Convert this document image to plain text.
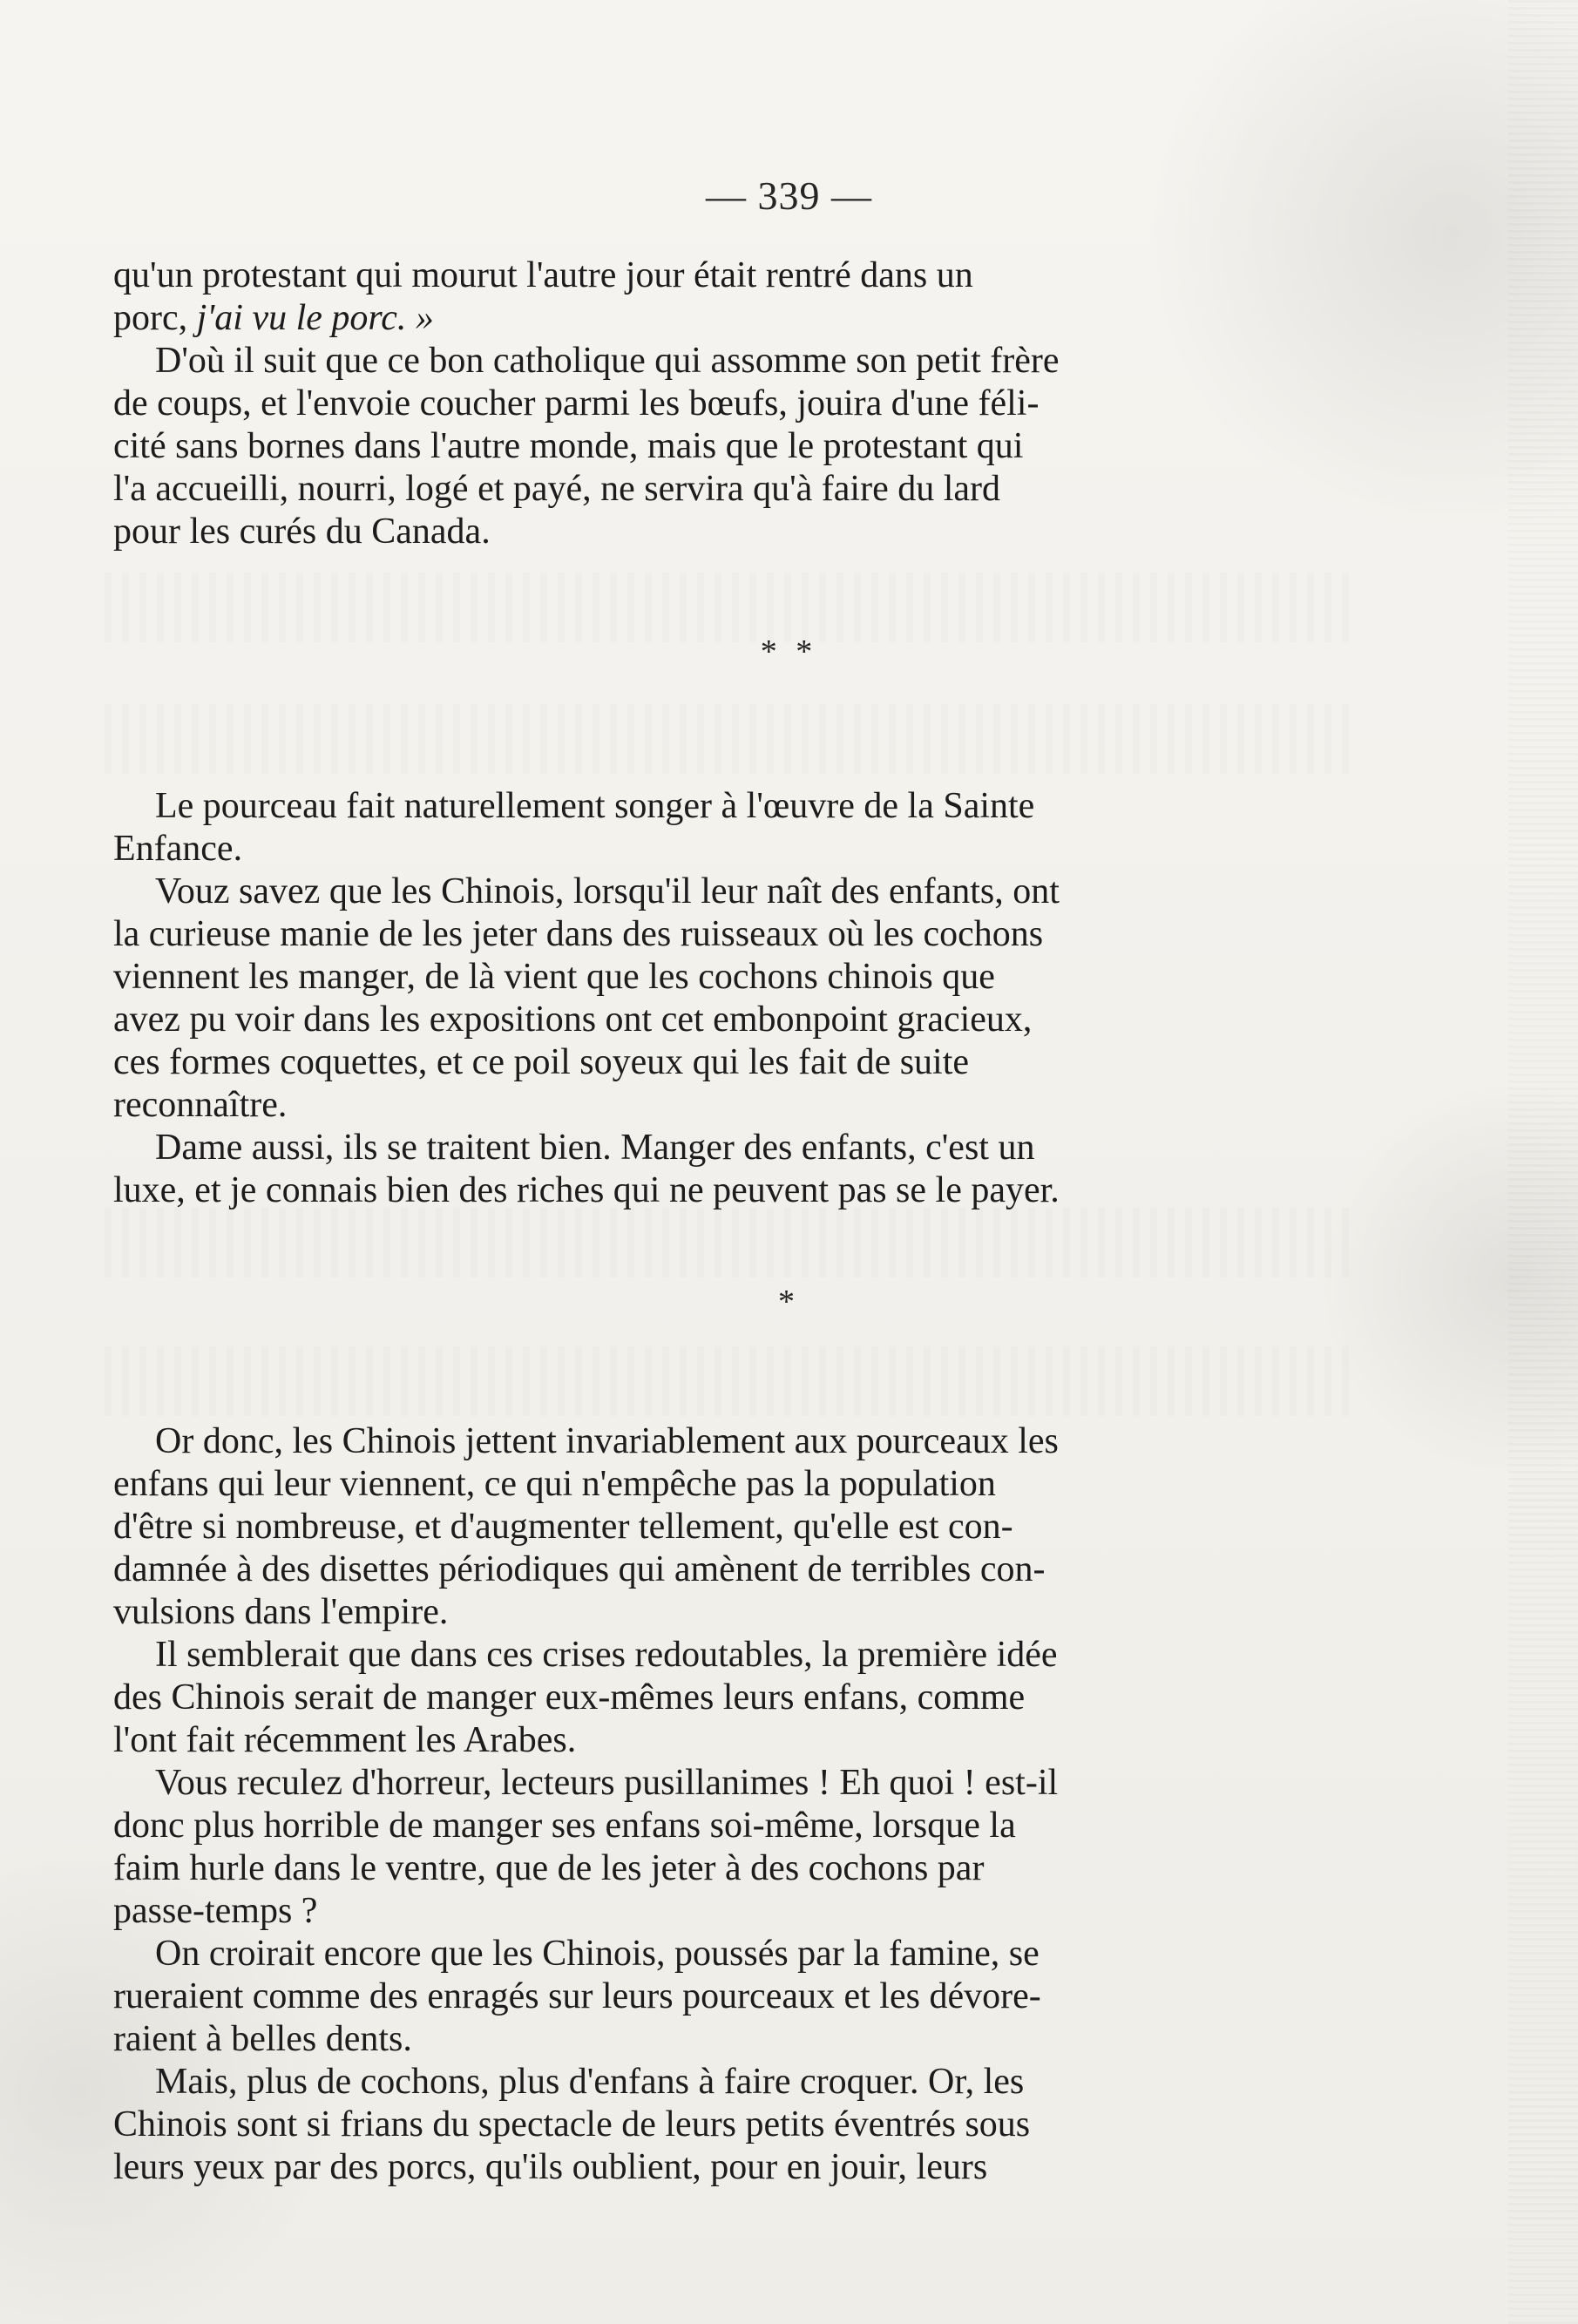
— 339 —
qu'un protestant qui mourut l'autre jour était rentré dans un
porc, j'ai vu le porc. »
D'où il suit que ce bon catholique qui assomme son petit frère
de coups, et l'envoie coucher parmi les bœufs, jouira d'une féli-
cité sans bornes dans l'autre monde, mais que le protestant qui
l'a accueilli, nourri, logé et payé, ne servira qu'à faire du lard
pour les curés du Canada.
* *
Le pourceau fait naturellement songer à l'œuvre de la Sainte
Enfance.
Vouz savez que les Chinois, lorsqu'il leur naît des enfants, ont
la curieuse manie de les jeter dans des ruisseaux où les cochons
viennent les manger, de là vient que les cochons chinois que
avez pu voir dans les expositions ont cet embonpoint gracieux,
ces formes coquettes, et ce poil soyeux qui les fait de suite
reconnaître.
Dame aussi, ils se traitent bien. Manger des enfants, c'est un
luxe, et je connais bien des riches qui ne peuvent pas se le payer.
*
Or donc, les Chinois jettent invariablement aux pourceaux les
enfans qui leur viennent, ce qui n'empêche pas la population
d'être si nombreuse, et d'augmenter tellement, qu'elle est con-
damnée à des disettes périodiques qui amènent de terribles con-
vulsions dans l'empire.
Il semblerait que dans ces crises redoutables, la première idée
des Chinois serait de manger eux-mêmes leurs enfans, comme
l'ont fait récemment les Arabes.
Vous reculez d'horreur, lecteurs pusillanimes ! Eh quoi ! est-il
donc plus horrible de manger ses enfans soi-même, lorsque la
faim hurle dans le ventre, que de les jeter à des cochons par
passe-temps ?
On croirait encore que les Chinois, poussés par la famine, se
rueraient comme des enragés sur leurs pourceaux et les dévore-
raient à belles dents.
Mais, plus de cochons, plus d'enfans à faire croquer. Or, les
Chinois sont si frians du spectacle de leurs petits éventrés sous
leurs yeux par des porcs, qu'ils oublient, pour en jouir, leurs
